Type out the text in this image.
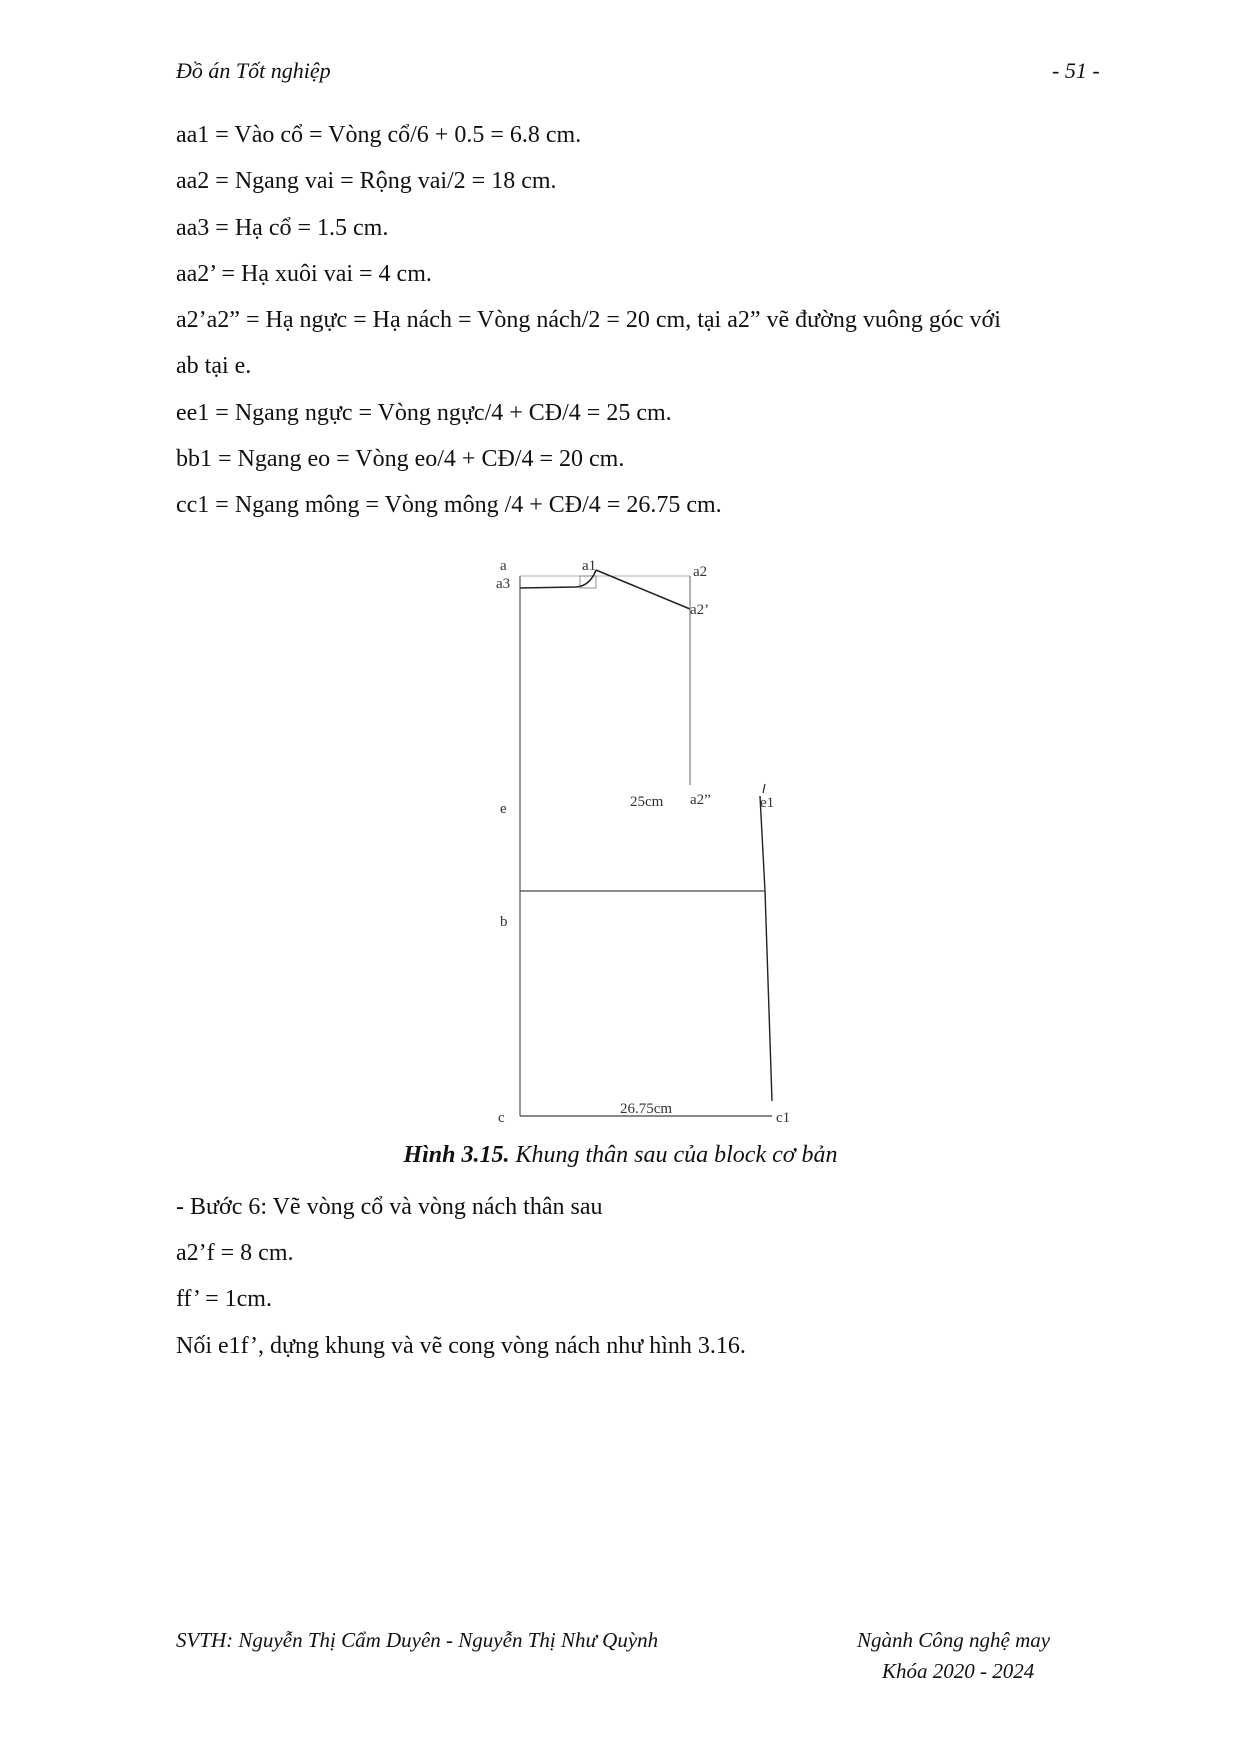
Đồ án Tốt nghiệp	- 51 -
aa1 = Vào cổ = Vòng cổ/6 + 0.5 = 6.8 cm.
aa2 = Ngang vai = Rộng vai/2 = 18 cm.
aa3 = Hạ cổ = 1.5 cm.
aa2’ = Hạ xuôi vai = 4 cm.
a2’a2” = Hạ ngực = Hạ nách = Vòng nách/2 = 20 cm, tại a2” vẽ đường vuông góc với
ab tại e.
ee1 = Ngang ngực = Vòng ngực/4 + CĐ/4 = 25 cm.
bb1 = Ngang eo = Vòng eo/4 + CĐ/4 = 20 cm.
cc1 = Ngang mông = Vòng mông /4 + CĐ/4 = 26.75 cm.
a
a3
a1	a2
a2’
25cm a2”
e	e1
b
26.75cm
c	c1
Hình 3.15. Khung thân sau của block cơ bản
- Bước 6: Vẽ vòng cổ và vòng nách thân sau
a2’f = 8 cm.
ff’ = 1cm.
Nối e1f’, dựng khung và vẽ cong vòng nách như hình 3.16.
SVTH: Nguyễn Thị Cẩm Duyên - Nguyễn Thị Như Quỳnh	Ngành Công nghệ may
Khóa 2020 - 2024
